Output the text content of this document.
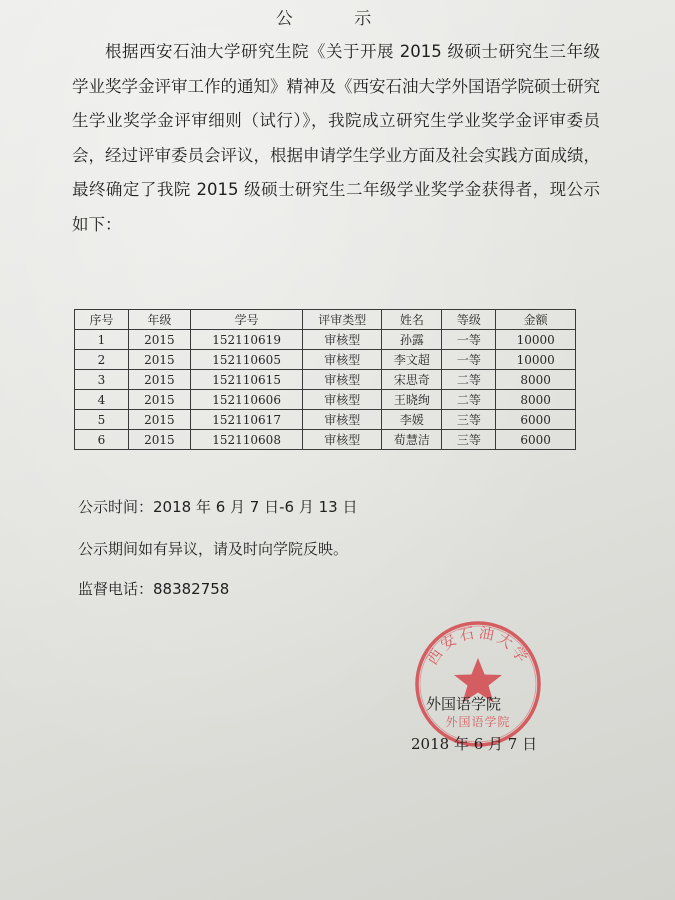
公 示
根据西安石油大学研究生院《关于开展 2015 级硕士研究生三年级学业奖学金评审工作的通知》精神及《西安石油大学外国语学院硕士研究生学业奖学金评审细则（试行）》，我院成立研究生学业奖学金评审委员会，经过评审委员会评议，根据申请学生学业方面及社会实践方面成绩，最终确定了我院 2015 级硕士研究生二年级学业奖学金获得者，现公示如下：
序号	年级	学号	评审类型	姓名	等级	金额
1	2015	152110619	审核型	孙露	一等	10000
2	2015	152110605	审核型	李文超	一等	10000
3	2015	152110615	审核型	宋思奇	二等	8000
4	2015	152110606	审核型	王晓绚	二等	8000
5	2015	152110617	审核型	李媛	三等	6000
6	2015	152110608	审核型	荀慧洁	三等	6000
公示时间：2018 年 6 月 7 日-6 月 13 日
公示期间如有异议，请及时向学院反映。
监督电话：88382758
西安石油大学
外国语学院
外国语学院
2018 年 6 月 7 日
